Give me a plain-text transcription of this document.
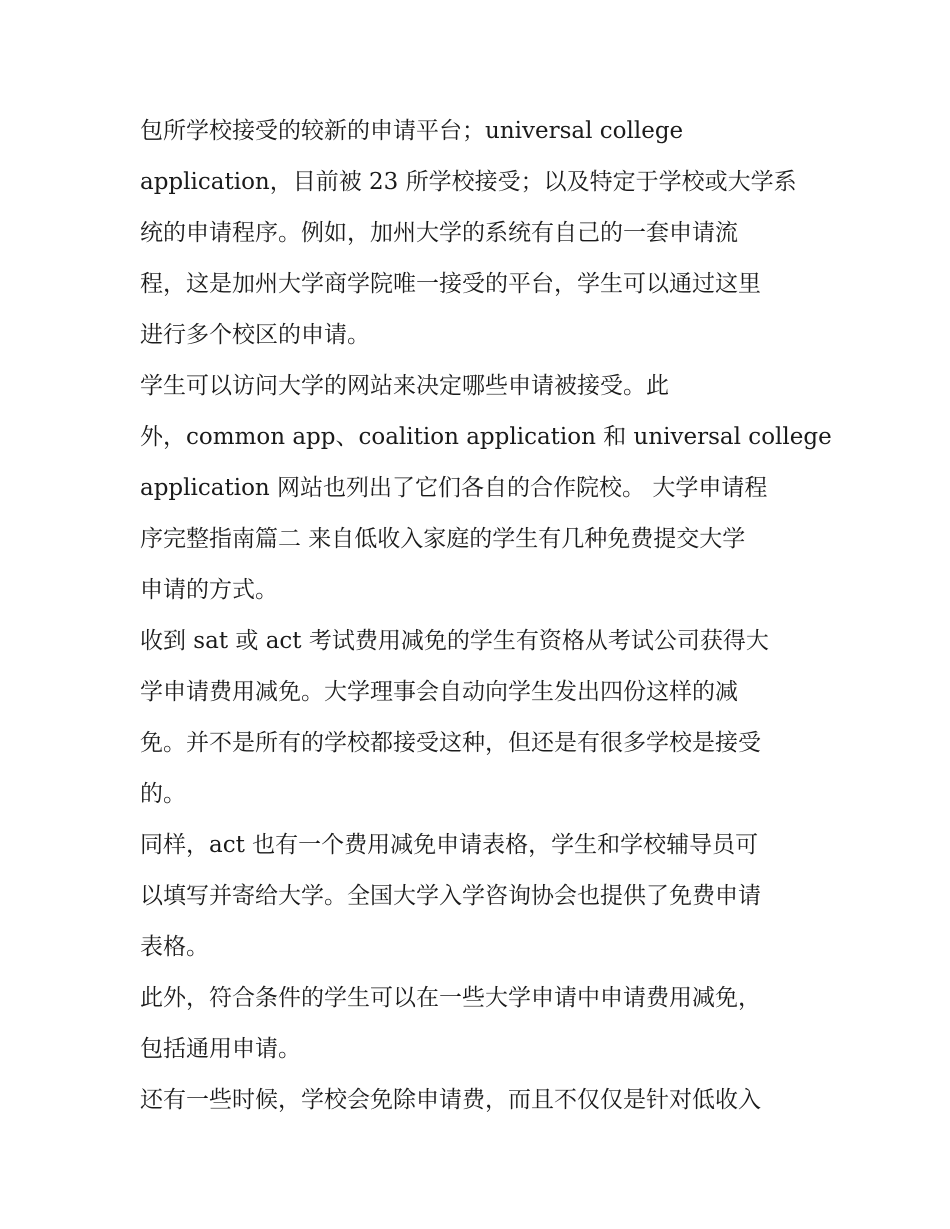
包所学校接受的较新的申请平台；universal college
application，目前被 23 所学校接受；以及特定于学校或大学系
统的申请程序。例如，加州大学的系统有自己的一套申请流
程，这是加州大学商学院唯一接受的平台，学生可以通过这里
进行多个校区的申请。
学生可以访问大学的网站来决定哪些申请被接受。此
外，common app、coalition application 和 universal college
application 网站也列出了它们各自的合作院校。 大学申请程
序完整指南篇二 来自低收入家庭的学生有几种免费提交大学
申请的方式。
收到 sat 或 act 考试费用减免的学生有资格从考试公司获得大
学申请费用减免。大学理事会自动向学生发出四份这样的减
免。并不是所有的学校都接受这种，但还是有很多学校是接受
的。
同样，act 也有一个费用减免申请表格，学生和学校辅导员可
以填写并寄给大学。全国大学入学咨询协会也提供了免费申请
表格。
此外，符合条件的学生可以在一些大学申请中申请费用减免，
包括通用申请。
还有一些时候，学校会免除申请费，而且不仅仅是针对低收入
